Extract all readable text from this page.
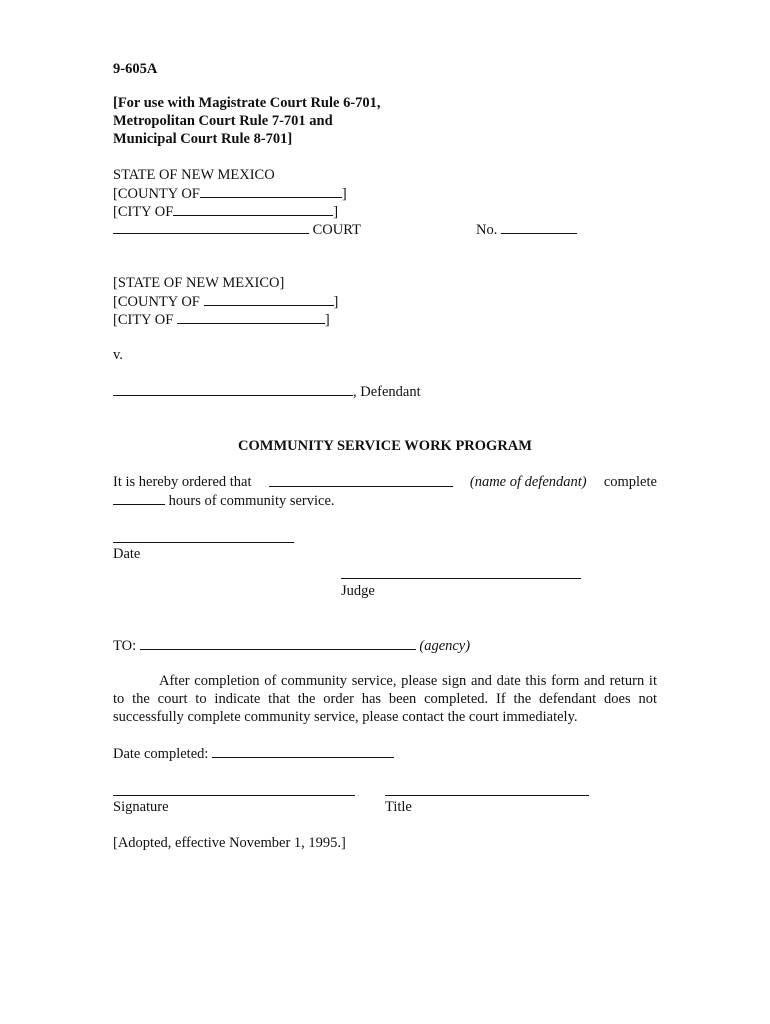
9-605A
[For use with Magistrate Court Rule 6-701,
Metropolitan Court Rule 7-701 and
Municipal Court Rule 8-701]
STATE OF NEW MEXICO
[COUNTY OF	]
[CITY OF	]
COURT	No.
[STATE OF NEW MEXICO]
[COUNTY OF	]
[CITY OF	]
v.
, Defendant
COMMUNITY SERVICE WORK PROGRAM
It is hereby ordered that	(name of defendant) complete
hours of community service.
Date
Judge
TO:	(agency)
After completion of community service, please sign and date this form and return it to the court to indicate that the order has been completed. If the defendant does not successfully complete community service, please contact the court immediately.
Date completed:
Signature	Title
[Adopted, effective November 1, 1995.]
